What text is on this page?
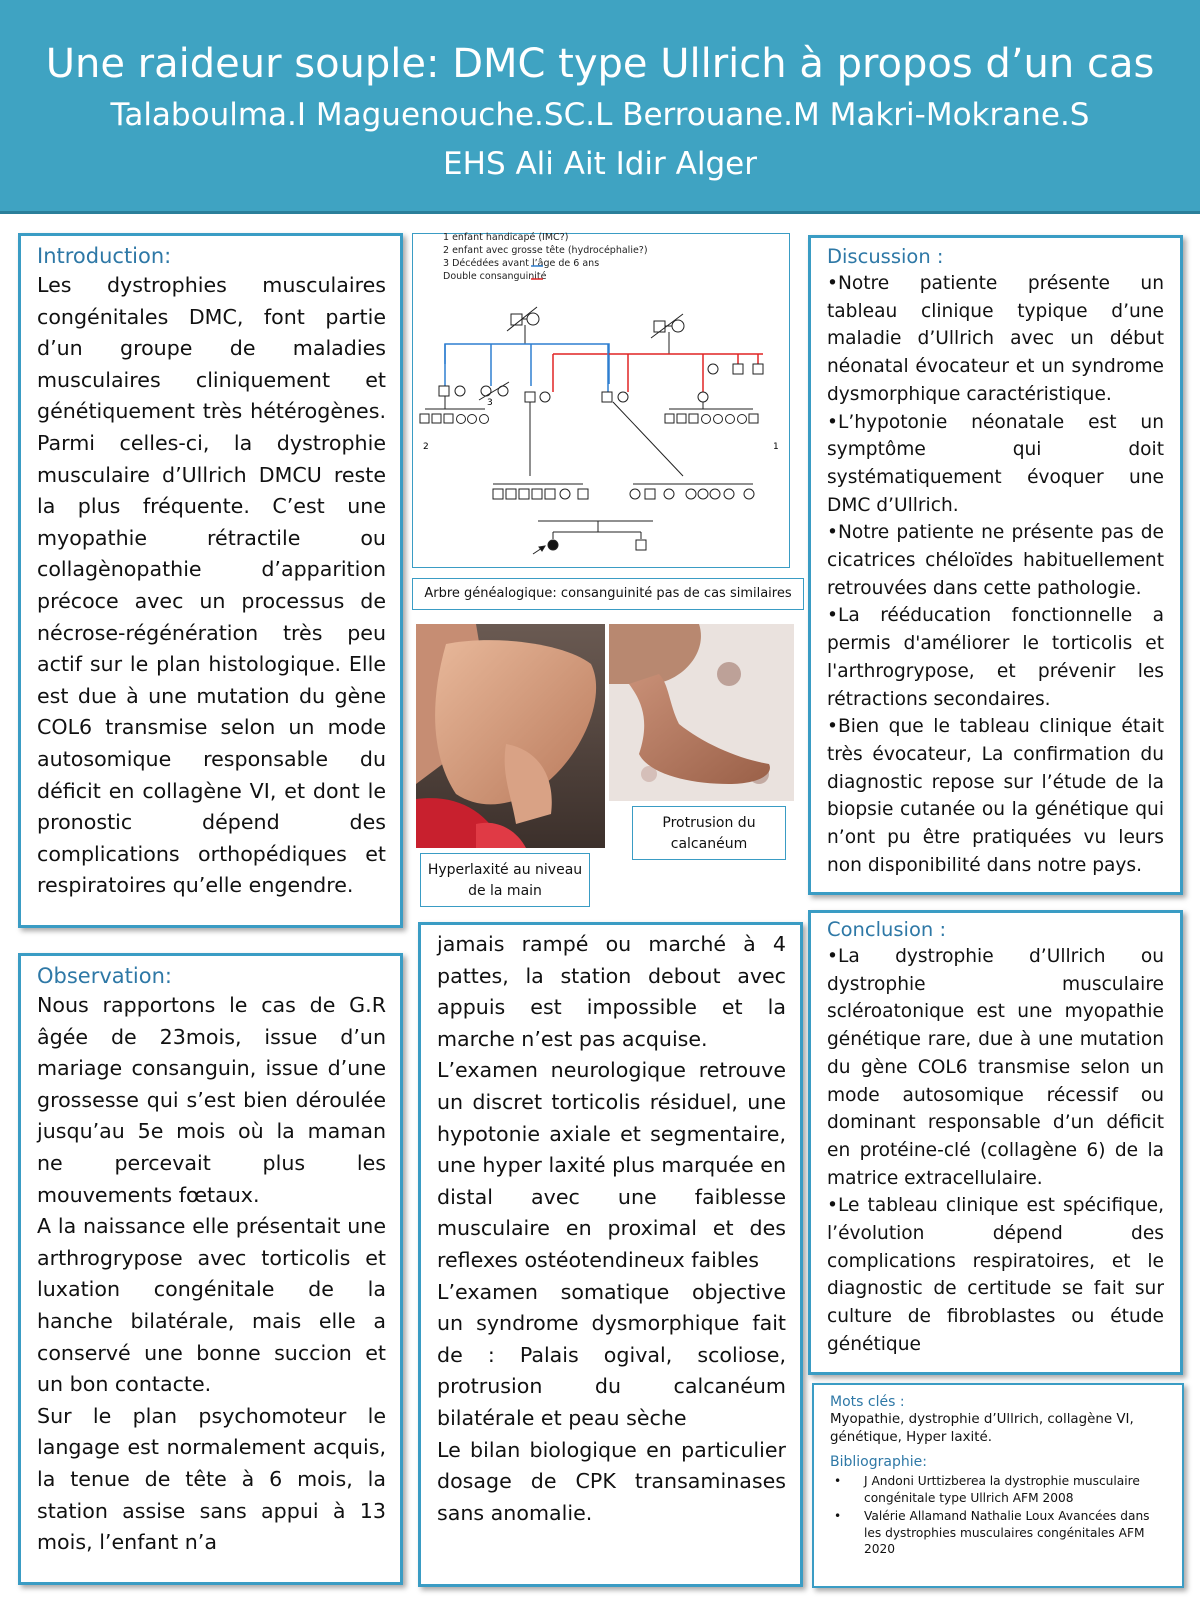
Une raideur souple: DMC type Ullrich à propos d’un cas
Talaboulma.I Maguenouche.SC.L Berrouane.M Makri-Mokrane.S
EHS Ali Ait Idir Alger
Introduction:
Les dystrophies musculaires congénitales DMC, font partie d’un groupe de maladies musculaires cliniquement et génétiquement très hétérogènes. Parmi celles-ci, la dystrophie musculaire d’Ullrich DMCU reste la plus fréquente. C’est une myopathie rétractile ou collagènopathie d’apparition précoce avec un processus de nécrose-régénération très peu actif sur le plan histologique. Elle est due à une mutation du gène COL6 transmise selon un mode autosomique responsable du déficit en collagène VI, et dont le pronostic dépend des complications orthopédiques et respiratoires qu’elle engendre.
Observation:

Nous rapportons le cas de G.R âgée de 23mois, issue d’un mariage consanguin, issue d’une grossesse qui s’est bien déroulée jusqu’au 5e mois où la maman ne percevait plus les mouvements fœtaux.

A la naissance elle présentait une arthrogrypose avec torticolis et luxation congénitale de la hanche bilatérale, mais elle a conservé une bonne succion et un bon contacte.

Sur le plan psychomoteur le langage est normalement acquis, la tenue de tête à 6 mois, la station assise sans appui à 13 mois, l’enfant n’a

jamais rampé ou marché à 4 pattes, la station debout avec appuis est impossible et la marche n’est pas acquise.

L’examen neurologique retrouve un discret torticolis résiduel, une hypotonie axiale et segmentaire, une hyper laxité plus marquée en distal avec une faiblesse musculaire en proximal et des reflexes ostéotendineux faibles

L’examen somatique objective un syndrome dysmorphique fait de : Palais ogival, scoliose, protrusion du calcanéum bilatérale et peau sèche

Le bilan biologique en particulier dosage de CPK transaminases sans anomalie.

1 enfant handicapé (IMC?)
2 enfant avec grosse tête (hydrocéphalie?)
3 Décédées avant l’âge de 6 ans
Double consanguinité
2
3
1
Arbre généalogique: consanguinité pas de cas similaires
Protrusion du calcanéum
Hyperlaxité au niveau de la main
Discussion :

•Notre patiente présente un tableau clinique typique d’une maladie d’Ullrich avec un début néonatal évocateur et un syndrome dysmorphique caractéristique.

•L’hypotonie néonatale est un symptôme qui doit systématiquement évoquer une DMC d’Ullrich.

•Notre patiente ne présente pas de cicatrices chéloïdes habituellement retrouvées dans cette pathologie.

•La rééducation fonctionnelle a permis d'améliorer le torticolis et l'arthrogrypose, et prévenir les rétractions secondaires.

•Bien que le tableau clinique était très évocateur, La confirmation du diagnostic repose sur l’étude de la biopsie cutanée ou la génétique qui n’ont pu être pratiquées vu leurs non disponibilité dans notre pays.

Conclusion :

•La dystrophie d’Ullrich ou dystrophie musculaire scléroatonique est une myopathie génétique rare, due à une mutation du gène COL6 transmise selon un mode autosomique récessif ou dominant responsable d’un déficit en protéine-clé (collagène 6) de la matrice extracellulaire.

•Le tableau clinique est spécifique, l’évolution dépend des complications respiratoires, et le diagnostic de certitude se fait sur culture de fibroblastes ou étude génétique

Mots clés :
Myopathie, dystrophie d’Ullrich, collagène VI, génétique, Hyper laxité.
Bibliographie:
• J Andoni Urttizberea la dystrophie musculaire congénitale type Ullrich AFM 2008
• Valérie Allamand Nathalie Loux Avancées dans les dystrophies musculaires congénitales AFM 2020
